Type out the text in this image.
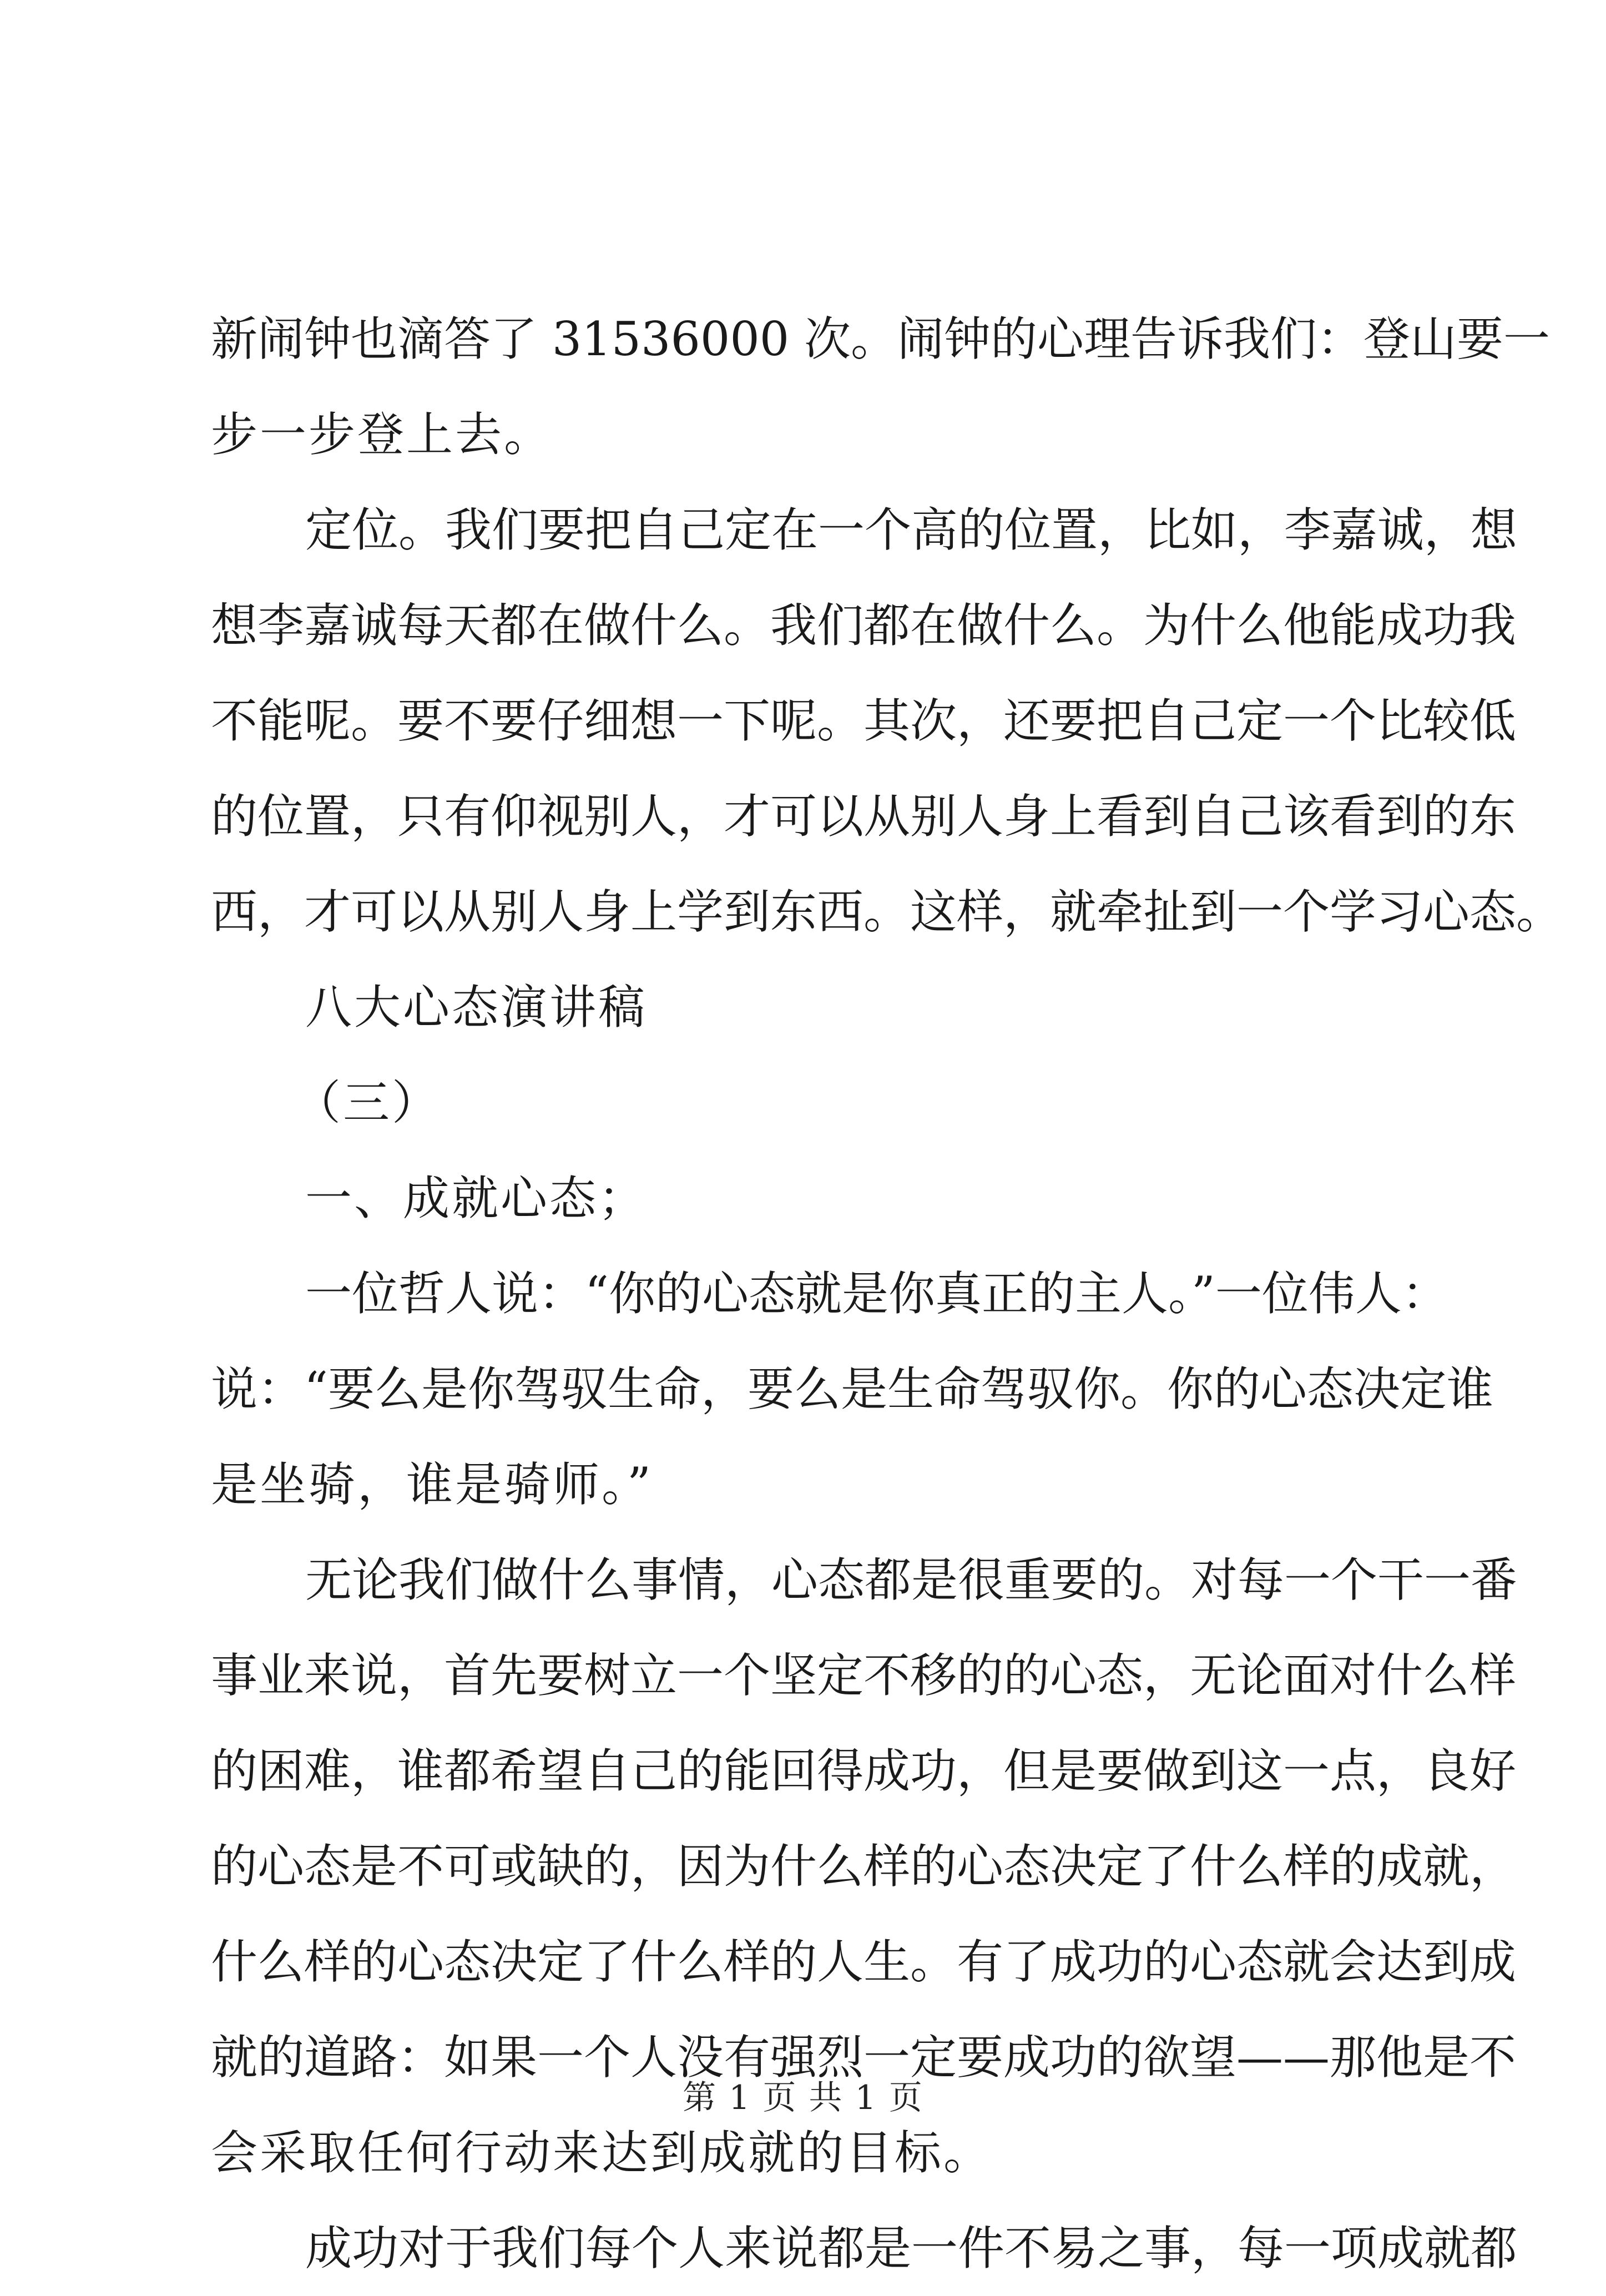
新闹钟也滴答了 31536000 次。闹钟的心理告诉我们：登山要一
步一步登上去。
定位。我们要把自己定在一个高的位置，比如，李嘉诚，想
想李嘉诚每天都在做什么。我们都在做什么。为什么他能成功我
不能呢。要不要仔细想一下呢。其次，还要把自己定一个比较低
的位置，只有仰视别人，才可以从别人身上看到自己该看到的东
西，才可以从别人身上学到东西。这样，就牵扯到一个学习心态。
八大心态演讲稿
（三）
一、成就心态；
一位哲人说：“你的心态就是你真正的主人。”一位伟人：
说：“要么是你驾驭生命，要么是生命驾驭你。你的心态决定谁
是坐骑，谁是骑师。”
无论我们做什么事情，心态都是很重要的。对每一个干一番
事业来说，首先要树立一个坚定不移的的心态，无论面对什么样
的困难，谁都希望自己的能回得成功，但是要做到这一点，良好
的心态是不可或缺的，因为什么样的心态决定了什么样的成就，
什么样的心态决定了什么样的人生。有了成功的心态就会达到成
就的道路：如果一个人没有强烈一定要成功的欲望——那他是不
会采取任何行动来达到成就的目标。
成功对于我们每个人来说都是一件不易之事，每一项成就都
第 1 页 共 1 页
